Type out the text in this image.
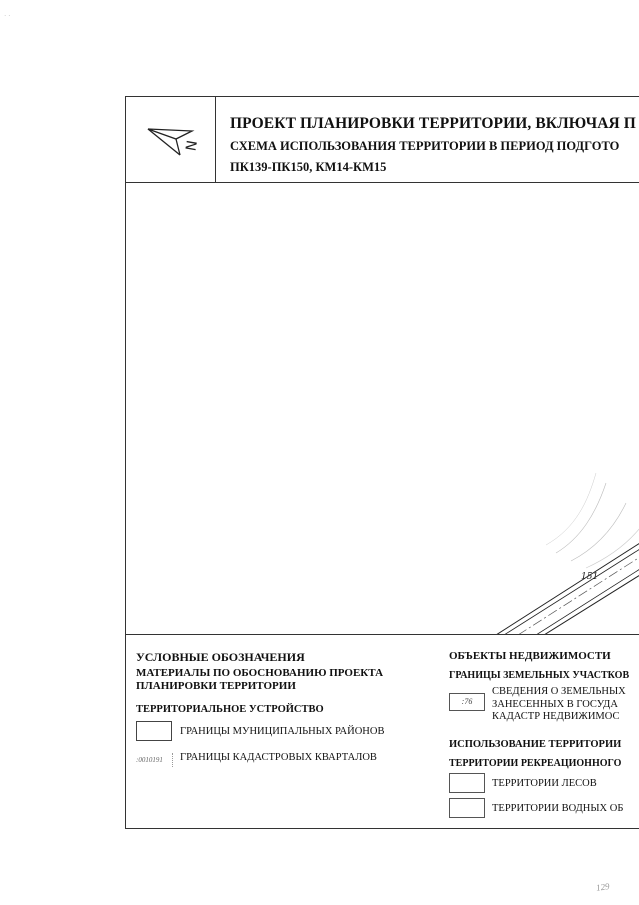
· ·
N
ПРОЕКТ ПЛАНИРОВКИ ТЕРРИТОРИИ, ВКЛЮЧАЯ П
СХЕМА ИСПОЛЬЗОВАНИЯ ТЕРРИТОРИИ В ПЕРИОД ПОДГОТО
ПК139-ПК150, КМ14-КМ15
151
УСЛОВНЫЕ ОБОЗНАЧЕНИЯ
МАТЕРИАЛЫ ПО ОБОСНОВАНИЮ ПРОЕКТА
ПЛАНИРОВКИ ТЕРРИТОРИИ
ТЕРРИТОРИАЛЬНОЕ УСТРОЙСТВО
ГРАНИЦЫ МУНИЦИПАЛЬНЫХ РАЙОНОВ
:0010191	ГРАНИЦЫ КАДАСТРОВЫХ КВАРТАЛОВ
ОБЪЕКТЫ НЕДВИЖИМОСТИ
ГРАНИЦЫ ЗЕМЕЛЬНЫХ УЧАСТКОВ
:76
СВЕДЕНИЯ О ЗЕМЕЛЬНЫХ
ЗАНЕСЕННЫХ В ГОСУДА
КАДАСТР НЕДВИЖИМОС
ИСПОЛЬЗОВАНИЕ ТЕРРИТОРИИ
ТЕРРИТОРИИ РЕКРЕАЦИОННОГО
ТЕРРИТОРИИ ЛЕСОВ
ТЕРРИТОРИИ ВОДНЫХ ОБ
129
